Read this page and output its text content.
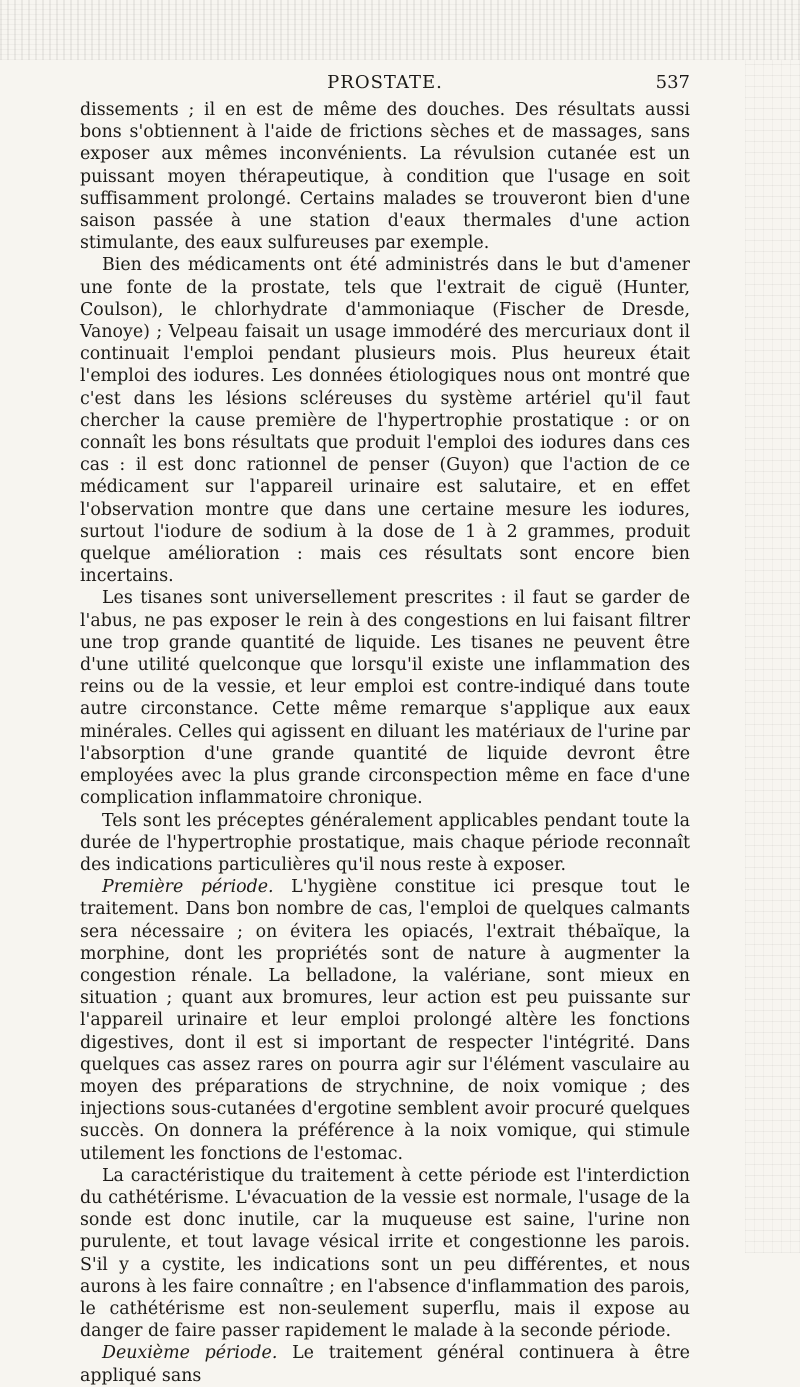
PROSTATE.	537

dissements ; il en est de même des douches. Des résultats aussi bons s'obtiennent à l'aide de frictions sèches et de massages, sans exposer aux mêmes inconvénients. La révulsion cutanée est un puissant moyen thérapeutique, à condition que l'usage en soit suffisamment prolongé. Certains malades se trouveront bien d'une saison passée à une station d'eaux thermales d'une action stimulante, des eaux sulfureuses par exemple.

Bien des médicaments ont été administrés dans le but d'amener une fonte de la prostate, tels que l'extrait de ciguë (Hunter, Coulson), le chlorhydrate d'ammoniaque (Fischer de Dresde, Vanoye) ; Velpeau faisait un usage immodéré des mercuriaux dont il continuait l'emploi pendant plusieurs mois. Plus heureux était l'emploi des iodures. Les données étiologiques nous ont montré que c'est dans les lésions scléreuses du système artériel qu'il faut chercher la cause première de l'hypertrophie prostatique : or on connaît les bons résultats que produit l'emploi des iodures dans ces cas : il est donc rationnel de penser (Guyon) que l'action de ce médicament sur l'appareil urinaire est salutaire, et en effet l'observation montre que dans une certaine mesure les iodures, surtout l'iodure de sodium à la dose de 1 à 2 grammes, produit quelque amélioration : mais ces résultats sont encore bien incertains.

Les tisanes sont universellement prescrites : il faut se garder de l'abus, ne pas exposer le rein à des congestions en lui faisant filtrer une trop grande quantité de liquide. Les tisanes ne peuvent être d'une utilité quelconque que lorsqu'il existe une inflammation des reins ou de la vessie, et leur emploi est contre-indiqué dans toute autre circonstance. Cette même remarque s'applique aux eaux minérales. Celles qui agissent en diluant les matériaux de l'urine par l'absorption d'une grande quantité de liquide devront être employées avec la plus grande circonspection même en face d'une complication inflammatoire chronique.

Tels sont les préceptes généralement applicables pendant toute la durée de l'hypertrophie prostatique, mais chaque période reconnaît des indications particulières qu'il nous reste à exposer.

Première période. L'hygiène constitue ici presque tout le traitement. Dans bon nombre de cas, l'emploi de quelques calmants sera nécessaire ; on évitera les opiacés, l'extrait thébaïque, la morphine, dont les propriétés sont de nature à augmenter la congestion rénale. La belladone, la valériane, sont mieux en situation ; quant aux bromures, leur action est peu puissante sur l'appareil urinaire et leur emploi prolongé altère les fonctions digestives, dont il est si important de respecter l'intégrité. Dans quelques cas assez rares on pourra agir sur l'élément vasculaire au moyen des préparations de strychnine, de noix vomique ; des injections sous-cutanées d'ergotine semblent avoir procuré quelques succès. On donnera la préférence à la noix vomique, qui stimule utilement les fonctions de l'estomac.

La caractéristique du traitement à cette période est l'interdiction du cathétérisme. L'évacuation de la vessie est normale, l'usage de la sonde est donc inutile, car la muqueuse est saine, l'urine non purulente, et tout lavage vésical irrite et congestionne les parois. S'il y a cystite, les indications sont un peu différentes, et nous aurons à les faire connaître ; en l'absence d'inflammation des parois, le cathétérisme est non-seulement superflu, mais il expose au danger de faire passer rapidement le malade à la seconde période.

Deuxième période. Le traitement général continuera à être appliqué sans
